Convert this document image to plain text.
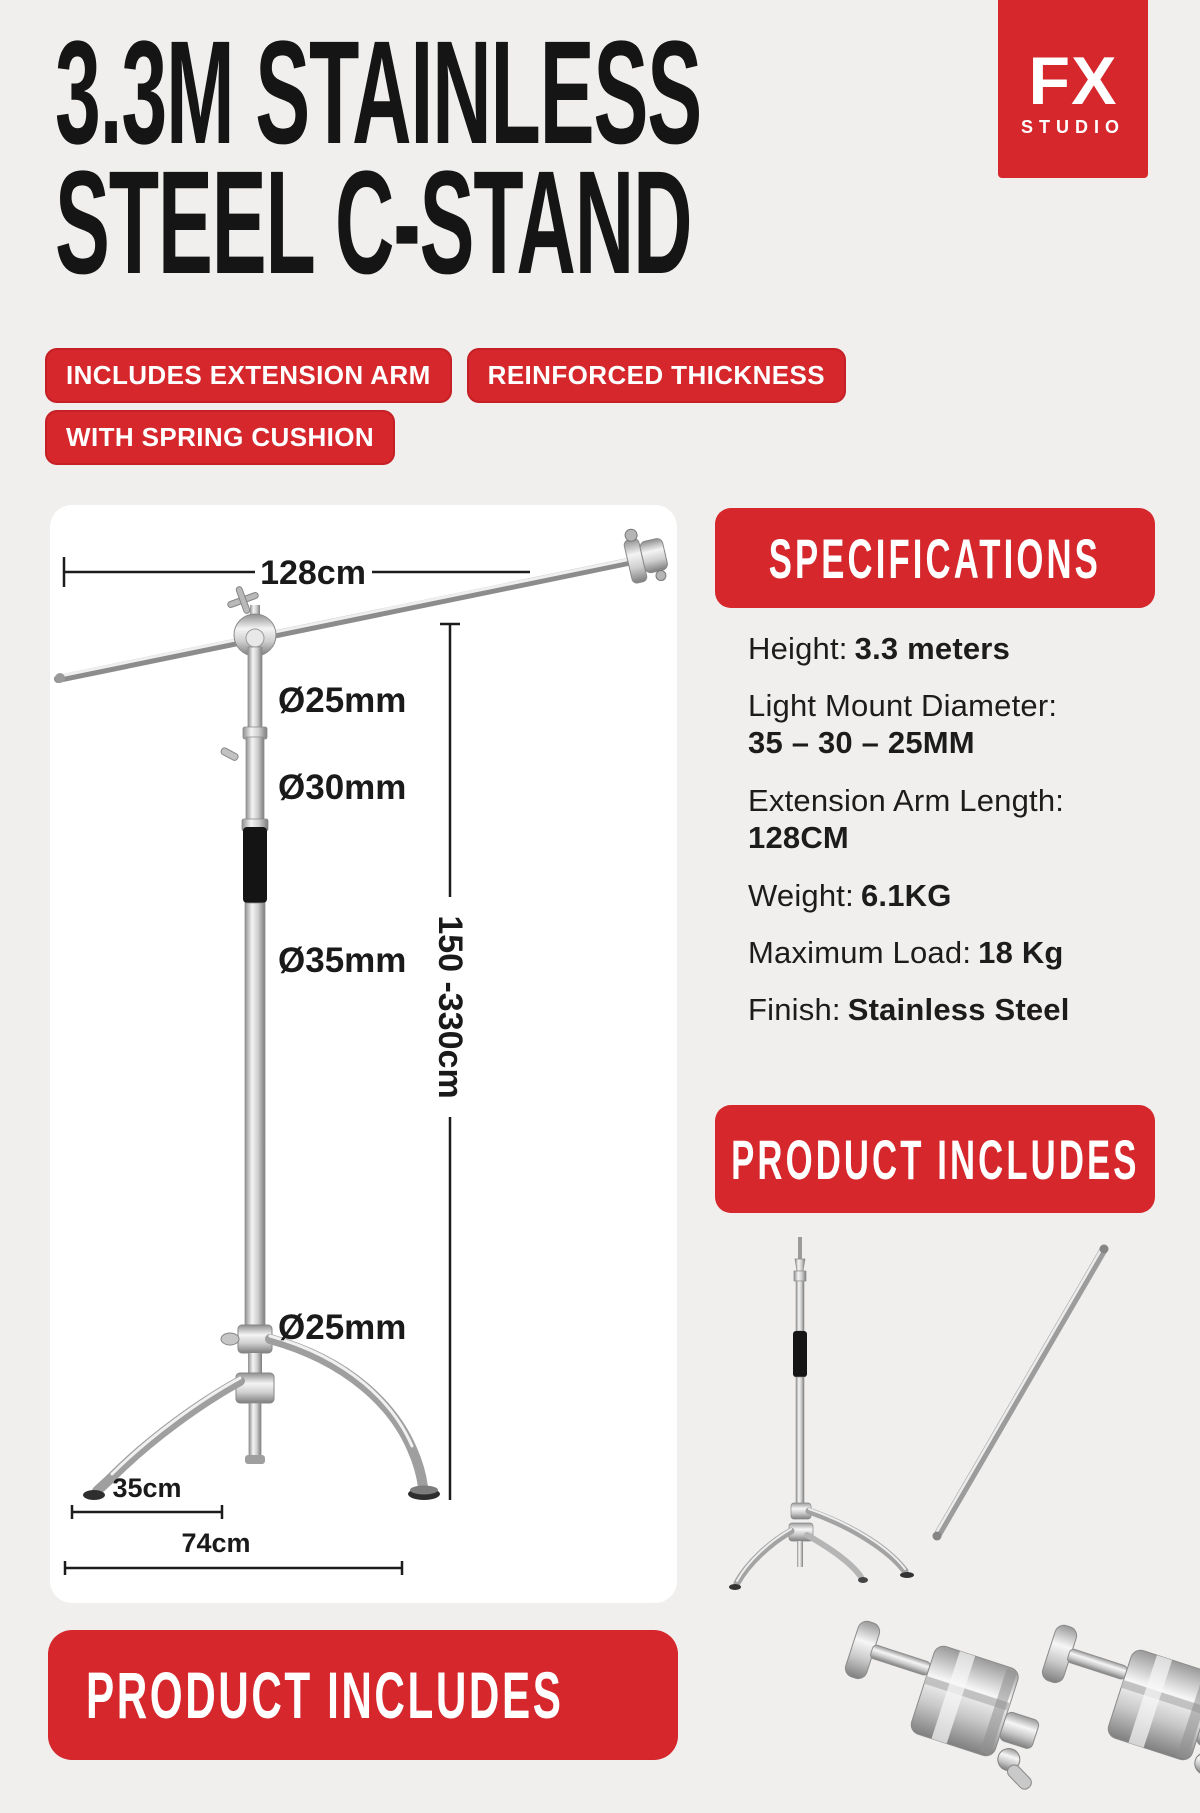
3.3M STAINLESS
STEEL C-STAND
FX
STUDIO
INCLUDES EXTENSION ARM	REINFORCED THICKNESS
WITH SPRING CUSHION
128cm
Ø25mm
Ø30mm
Ø35mm 150 -330cm
Ø25mm
35cm
74cm
SPECIFICATIONS
Height: 3.3 meters
Light Mount Diameter:
35 – 30 – 25MM
Extension Arm Length:
128CM
Weight: 6.1KG
Maximum Load: 18 Kg
Finish: Stainless Steel
PRODUCT INCLUDES
PRODUCT INCLUDES
